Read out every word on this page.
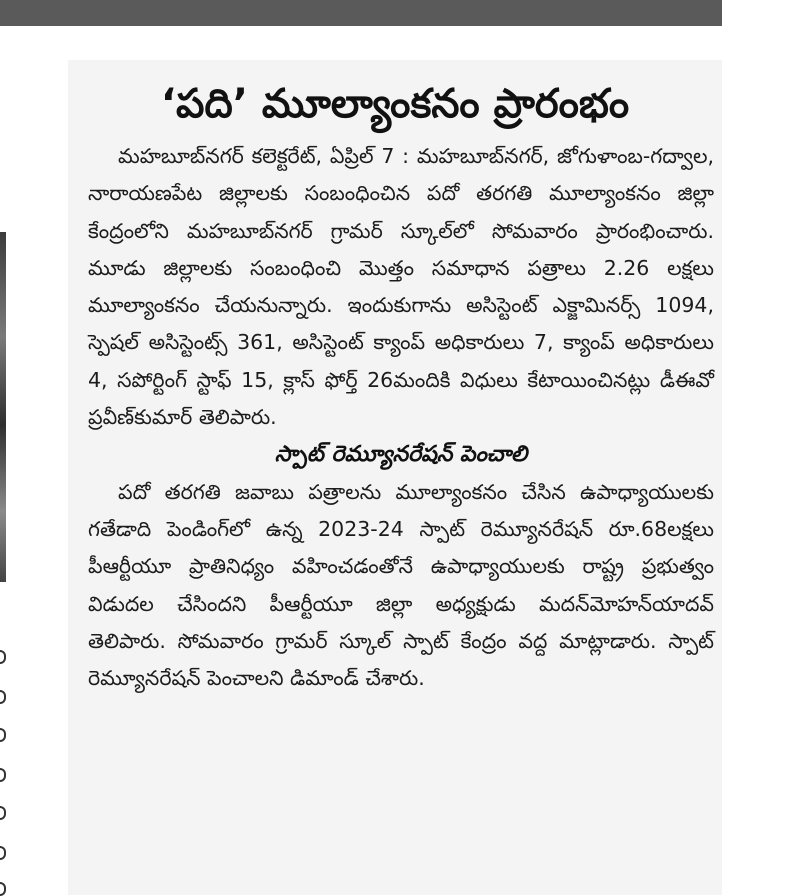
‘పది’ మూల్యాంకనం ప్రారంభం

మహబూబ్‌నగర్ కలెక్టరేట్, ఏప్రిల్ 7 : మహబూబ్‌నగర్, జోగుళాంబ-గద్వాల, నారాయణపేట జిల్లాలకు సంబంధించిన పదో తరగతి మూల్యాంకనం జిల్లా కేంద్రంలోని మహబూబ్‌నగర్ గ్రామర్ స్కూల్‌లో సోమవారం ప్రారంభించారు. మూడు జిల్లాలకు సంబంధించి మొత్తం సమాధాన పత్రాలు 2.26 లక్షలు మూల్యాంకనం చేయనున్నారు. ఇందుకుగాను అసిస్టెంట్ ఎక్జామినర్స్ 1094, స్పెషల్ అసిస్టెంట్స్ 361, అసిస్టెంట్ క్యాంప్ అధికారులు 7, క్యాంప్ అధికారులు 4, సపోర్టింగ్ స్టాఫ్ 15, క్లాస్ ఫోర్త్ 26మందికి విధులు కేటాయించినట్లు డీఈవో ప్రవీణ్‌కుమార్ తెలిపారు.

స్పాట్ రెమ్యూనరేషన్ పెంచాలి

పదో తరగతి జవాబు పత్రాలను మూల్యాంకనం చేసిన ఉపాధ్యాయులకు గతేడాది పెండింగ్‌లో ఉన్న 2023-24 స్పాట్ రెమ్యూనరేషన్ రూ.68లక్షలు పీఆర్టీయూ ప్రాతినిధ్యం వహించడంతోనే ఉపాధ్యాయులకు రాష్ట్ర ప్రభుత్వం విడుదల చేసిందని పీఆర్టీయూ జిల్లా అధ్యక్షుడు మదన్‌మోహన్‌యాదవ్ తెలిపారు. సోమవారం గ్రామర్ స్కూల్ స్పాట్ కేంద్రం వద్ద మాట్లాడారు. స్పాట్ రెమ్యూనరేషన్ పెంచాలని డిమాండ్ చేశారు.
